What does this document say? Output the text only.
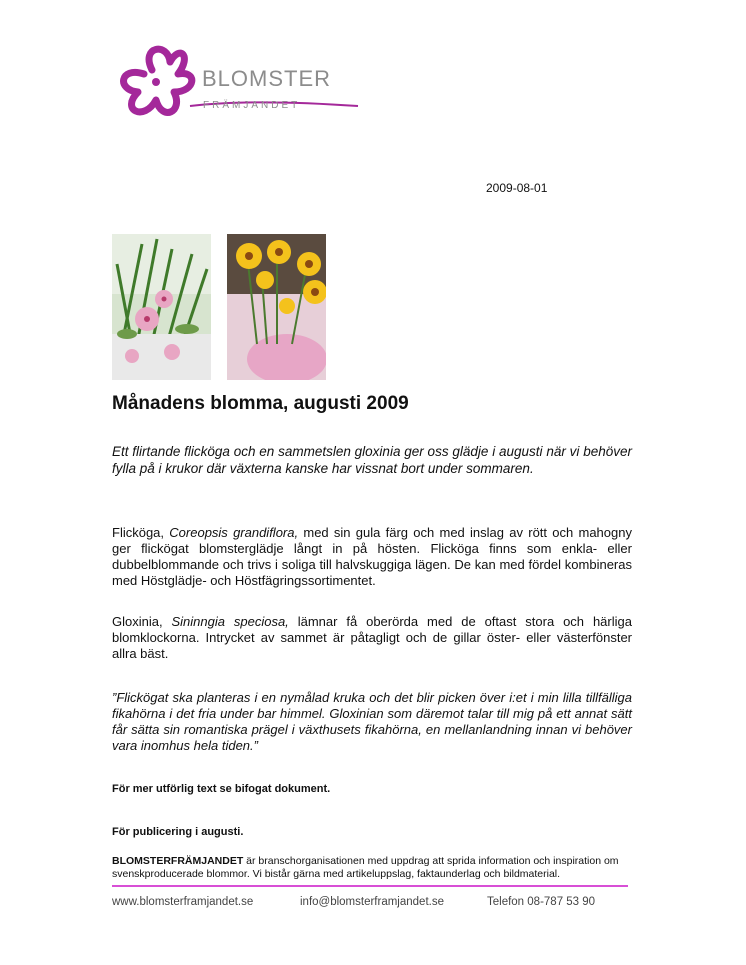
BLOMSTER
FRÄMJANDET
2009-08-01
Månadens blomma, augusti 2009

Ett flirtande flicköga och en sammetslen gloxinia ger oss glädje i augusti när vi behöver fylla på i krukor där växterna kanske har vissnat bort under sommaren.

Flicköga, Coreopsis grandiflora, med sin gula färg och med inslag av rött och mahogny ger flickögat blomsterglädje långt in på hösten. Flicköga finns som enkla- eller dubbelblommande och trivs i soliga till halvskuggiga lägen. De kan med fördel kombineras med Höstglädje- och Höstfägringssortimentet.

Gloxinia, Sininngia speciosa, lämnar få oberörda med de oftast stora och härliga blomklockorna. Intrycket av sammet är påtagligt och de gillar öster- eller västerfönster allra bäst.

”Flickögat ska planteras i en nymålad kruka och det blir picken över i:et i min lilla tillfälliga fikahörna i det fria under bar himmel. Gloxinian som däremot talar till mig på ett annat sätt får sätta sin romantiska prägel i växthusets fikahörna, en mellanlandning innan vi behöver vara inomhus hela tiden.”

För mer utförlig text se bifogat dokument.
För publicering i augusti.

BLOMSTERFRÄMJANDET är branschorganisationen med uppdrag att sprida information och inspiration om svenskproducerade blommor. Vi bistår gärna med artikeluppslag, faktaunderlag och bildmaterial.

www.blomsterframjandet.se	info@blomsterframjandet.se	Telefon 08-787 53 90
